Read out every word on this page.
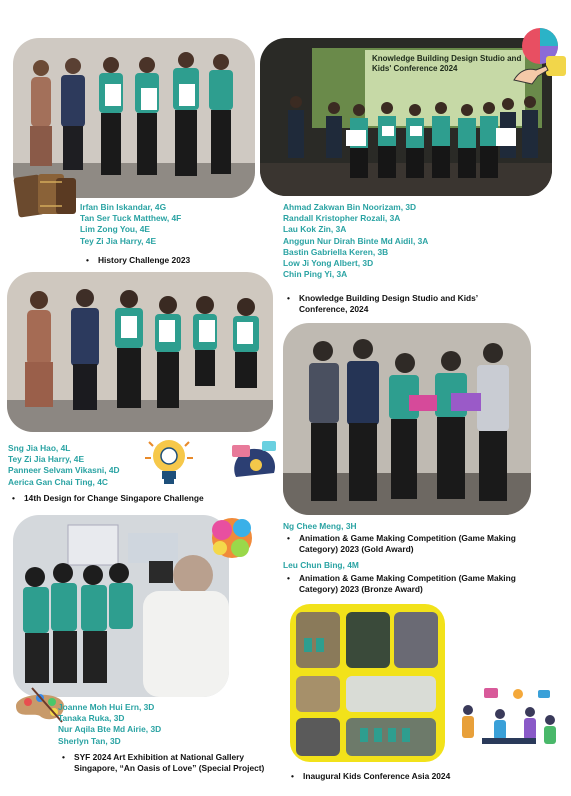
Knowledge Building Design Studio and Kids' Conference 2024
Irfan Bin Iskandar, 4G
Tan Ser Tuck Matthew, 4F
Lim Zong You, 4E
Tey Zi Jia Harry, 4E
•	History Challenge 2023
Ahmad Zakwan Bin Noorizam, 3D
Randall Kristopher Rozali, 3A
Lau Kok Zin, 3A
Anggun Nur Dirah Binte Md Aidil, 3A
Bastin Gabriella Keren, 3B
Low Ji Yong Albert, 3D
Chin Ping Yi, 3A
•	Knowledge Building Design Studio and Kids’ Conference, 2024
Sng Jia Hao, 4L
Tey Zi Jia Harry, 4E
Panneer Selvam Vikasni, 4D
Aerica Gan Chai Ting, 4C
•	14th Design for Change Singapore Challenge
Ng Chee Meng, 3H
•	Animation & Game Making Competition (Game Making Category) 2023 (Gold Award)
Leu Chun Bing, 4M
•	Animation & Game Making Competition (Game Making Category) 2023 (Bronze Award)
Joanne Moh Hui Ern, 3D
Tanaka Ruka, 3D
Nur Aqila Bte Md Airie, 3D
Sherlyn Tan, 3D
•	SYF 2024 Art Exhibition at National Gallery Singapore, “An Oasis of Love” (Special Project)
•	Inaugural Kids Conference Asia 2024
